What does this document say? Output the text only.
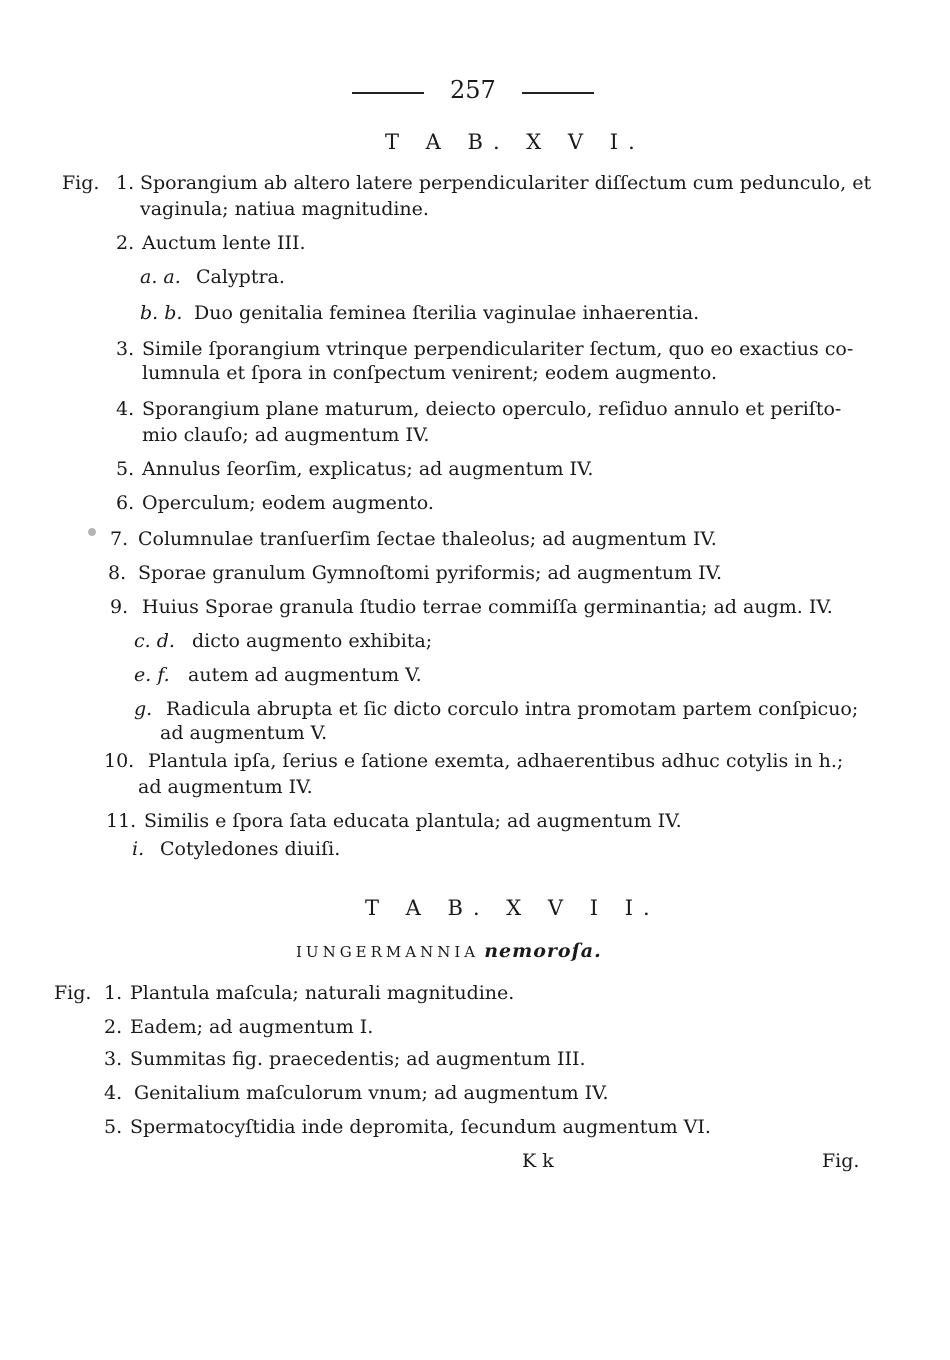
257
T A B. X V I.
Fig. 1. Sporangium ab altero latere perpendiculariter diſſectum cum pedunculo, et
vaginula; natiua magnitudine.
2. Auctum lente III.
a. a. Calyptra.
b. b. Duo genitalia feminea ſterilia vaginulae inhaerentia.
3. Simile ſporangium vtrinque perpendiculariter ſectum, quo eo exactius co-
lumnula et ſpora in conſpectum venirent; eodem augmento.
4. Sporangium plane maturum, deiecto operculo, reſiduo annulo et periſto-
mio clauſo; ad augmentum IV.
5. Annulus ſeorſim, explicatus; ad augmentum IV.
6. Operculum; eodem augmento.
7. Columnulae tranſuerſim ſectae thaleolus; ad augmentum IV.
8. Sporae granulum Gymnoſtomi pyriformis; ad augmentum IV.
9. Huius Sporae granula ſtudio terrae commiſſa germinantia; ad augm. IV.
c. d. dicto augmento exhibita;
e. f. autem ad augmentum V.
g. Radicula abrupta et ſic dicto corculo intra promotam partem conſpicuo;
ad augmentum V.
10. Plantula ipſa, ſerius e ſatione exemta, adhaerentibus adhuc cotylis in h.;
ad augmentum IV.
11. Similis e ſpora ſata educata plantula; ad augmentum IV.
i. Cotyledones diuiſi.
T A B. X V I I.
IUNGERMANNIA nemoroſa.
Fig. 1. Plantula maſcula; naturali magnitudine.
2. Eadem; ad augmentum I.
3. Summitas fig. praecedentis; ad augmentum III.
4. Genitalium maſculorum vnum; ad augmentum IV.
5. Spermatocyſtidia inde depromita, ſecundum augmentum VI.
K k	Fig.
